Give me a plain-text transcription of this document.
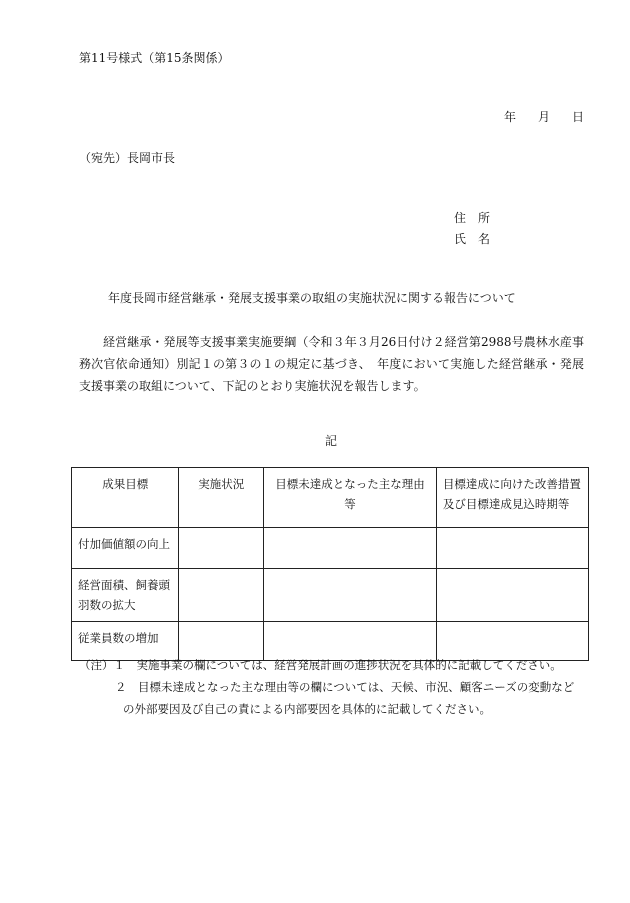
第11号様式（第15条関係）
年 月 日
（宛先）長岡市長
住　所
氏　名
年度長岡市経営継承・発展支援事業の取組の実施状況に関する報告について
経営継承・発展等支援事業実施要綱（令和３年３月26日付け２経営第2988号農林水産事務次官依命通知）別記１の第３の１の規定に基づき、　年度において実施した経営継承・発展支援事業の取組について、下記のとおり実施状況を報告します。
記
成果目標	実施状況	目標未達成となった主な理由等	目標達成に向けた改善措置及び目標達成見込時期等
付加価値額の向上			
経営面積、飼養頭羽数の拡大			
従業員数の増加			
（注）１　 実施事業の欄については、経営発展計画の進捗状況を具体的に記載してください。
２　 目標未達成となった主な理由等の欄については、天候、市況、顧客ニーズの変動など
の外部要因及び自己の責による内部要因を具体的に記載してください。
